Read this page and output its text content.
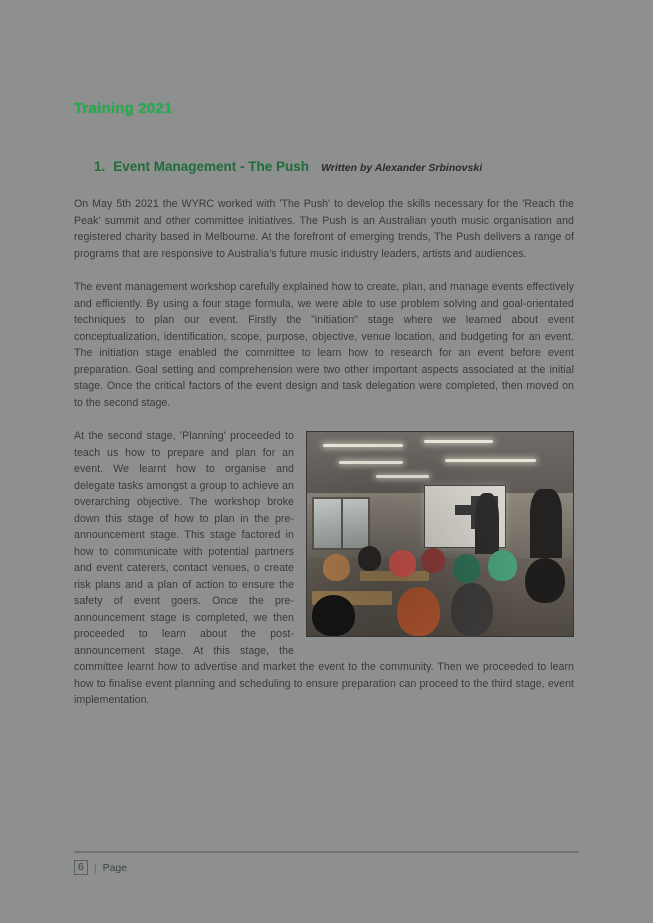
Training 2021
1. Event Management - The Push Written by Alexander Srbinovski

On May 5th 2021 the WYRC worked with 'The Push' to develop the skills necessary for the 'Reach the Peak' summit and other committee initiatives. The Push is an Australian youth music organisation and registered charity based in Melbourne. At the forefront of emerging trends, The Push delivers a range of programs that are responsive to Australia's future music industry leaders, artists and audiences.

The event management workshop carefully explained how to create, plan, and manage events effectively and efficiently. By using a four stage formula, we were able to use problem solving and goal-orientated techniques to plan our event. Firstly the "initiation" stage where we learned about event conceptualization, identification, scope, purpose, objective, venue location, and budgeting for an event. The initiation stage enabled the committee to learn how to research for an event before event preparation. Goal setting and comprehension were two other important aspects associated at the initial stage. Once the critical factors of the event design and task delegation were completed, then moved on to the second stage.

At the second stage, 'Planning' proceeded to teach us how to prepare and plan for an event. We learnt how to organise and delegate tasks amongst a group to achieve an overarching objective. The workshop broke down this stage of how to plan in the pre-announcement stage. This stage factored in how to communicate with potential partners and event caterers, contact venues, o create risk plans and a plan of action to ensure the safety of event goers. Once the pre-announcement stage is completed, we then proceeded to learn about the post-announcement stage. At this stage, the committee learnt how to advertise and market the event to the community. Then we proceeded to learn how to finalise event planning and scheduling to ensure preparation can proceed to the third stage, event implementation.

6 | Page
